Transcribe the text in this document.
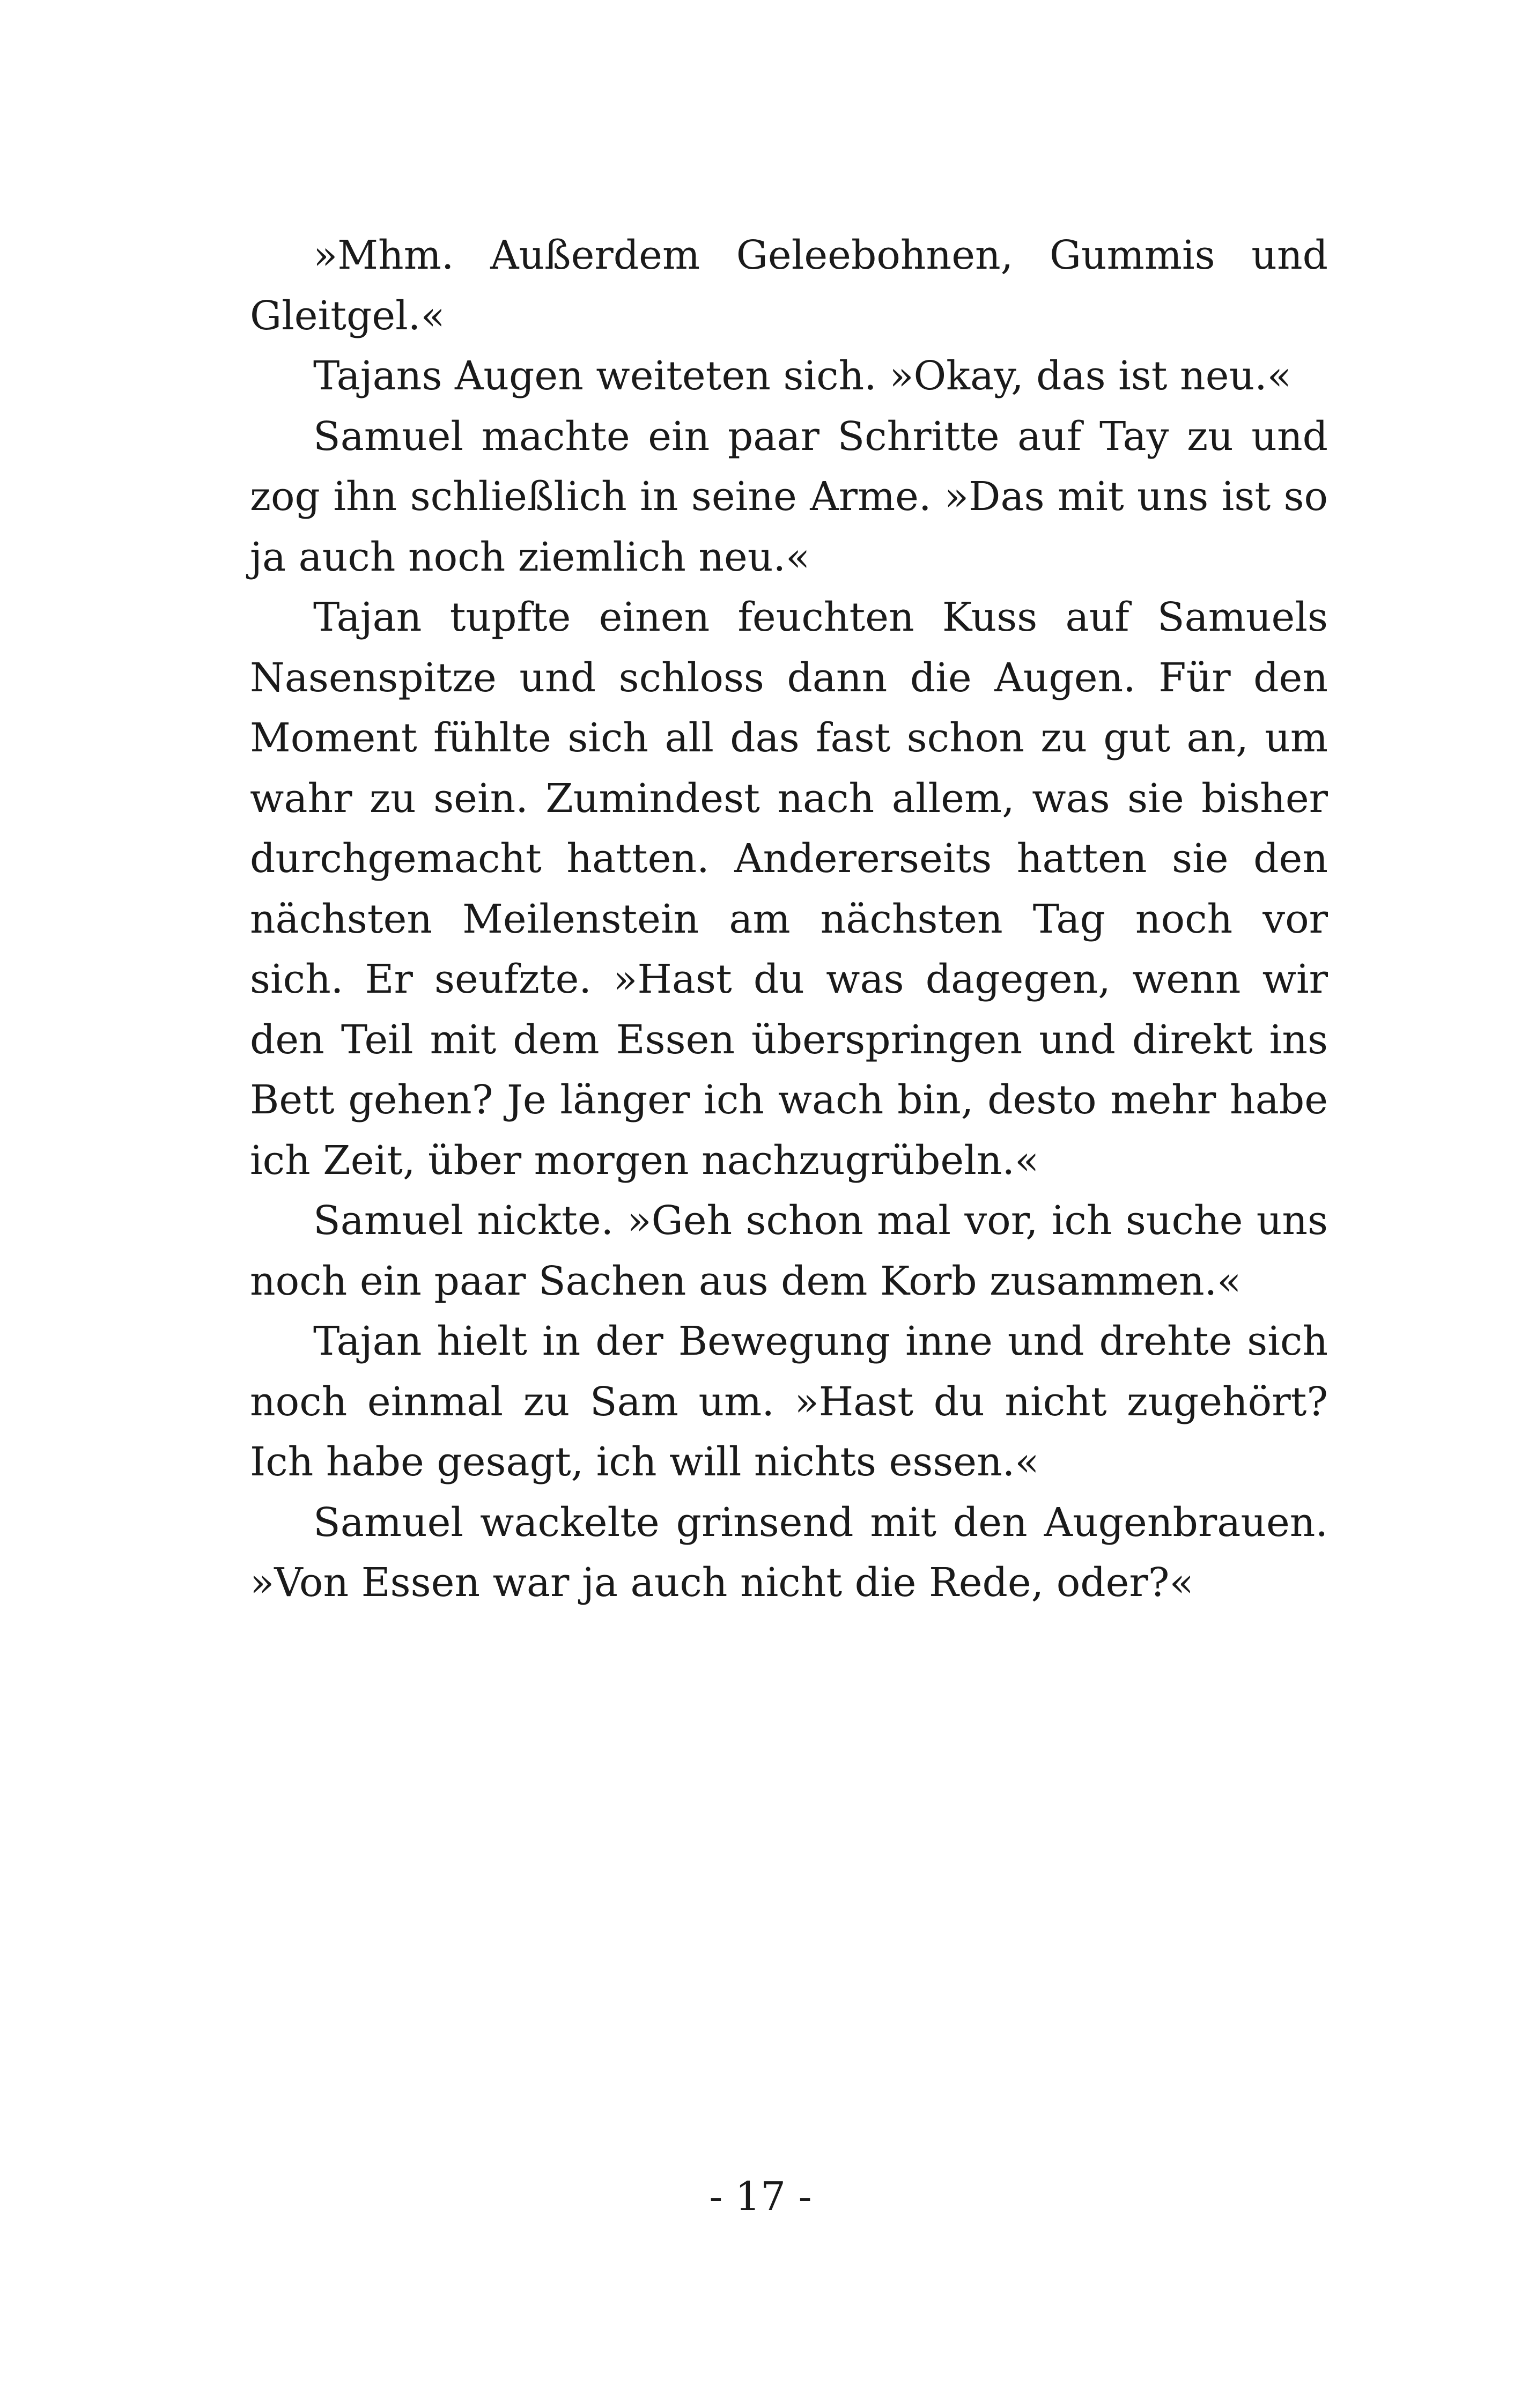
»Mhm. Außerdem Geleebohnen, Gummis und Gleitgel.«

Tajans Augen weiteten sich. »Okay, das ist neu.«

Samuel machte ein paar Schritte auf Tay zu und zog ihn schließlich in seine Arme. »Das mit uns ist so ja auch noch ziemlich neu.«

Tajan tupfte einen feuchten Kuss auf Samuels Nasenspitze und schloss dann die Augen. Für den Moment fühlte sich all das fast schon zu gut an, um wahr zu sein. Zumindest nach allem, was sie bisher durchgemacht hatten. Andererseits hatten sie den nächsten Meilenstein am nächsten Tag noch vor sich. Er seufzte. »Hast du was dagegen, wenn wir den Teil mit dem Essen überspringen und direkt ins Bett gehen? Je länger ich wach bin, desto mehr habe ich Zeit, über morgen nachzugrübeln.«

Samuel nickte. »Geh schon mal vor, ich suche uns noch ein paar Sachen aus dem Korb zusammen.«

Tajan hielt in der Bewegung inne und drehte sich noch einmal zu Sam um. »Hast du nicht zugehört? Ich habe gesagt, ich will nichts essen.«

Samuel wackelte grinsend mit den Augenbrauen. »Von Essen war ja auch nicht die Rede, oder?«

- 17 -
